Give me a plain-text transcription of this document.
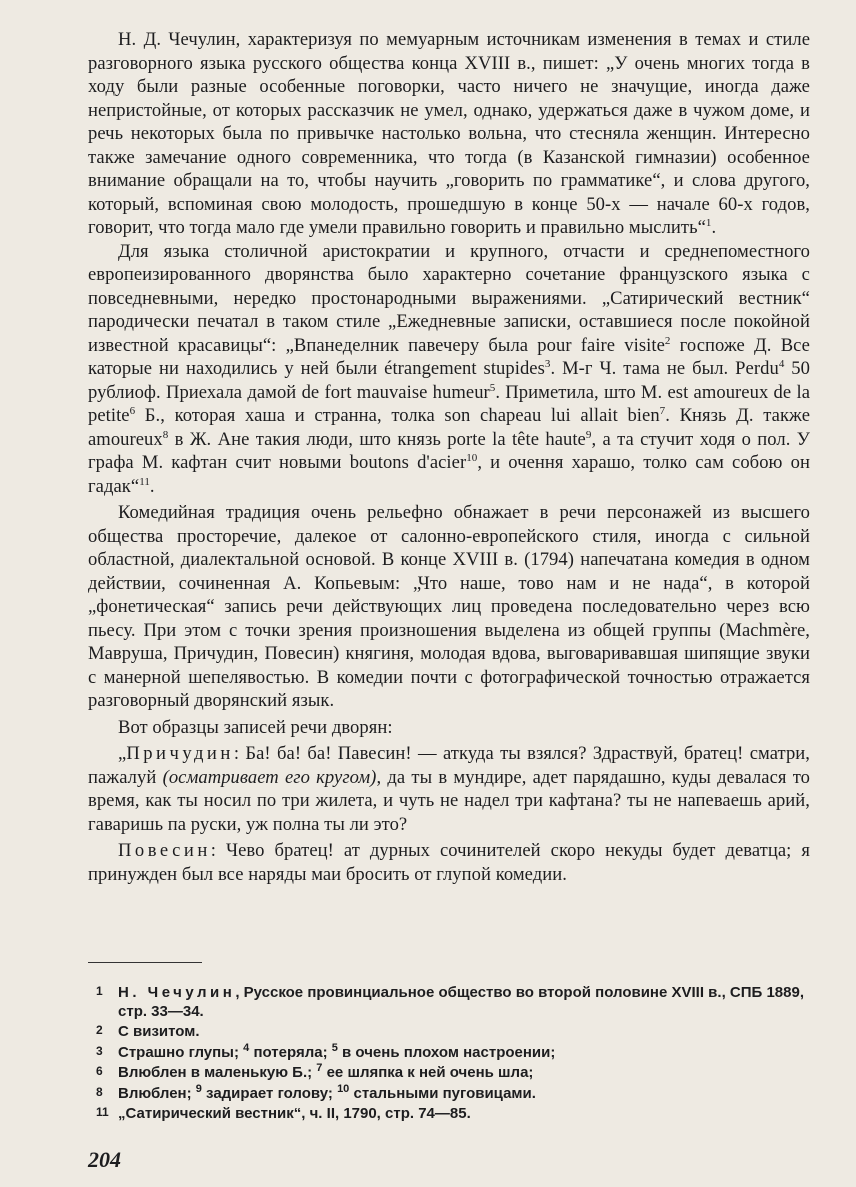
Н. Д. Чечулин, характеризуя по мемуарным источникам изменения в темах и стиле разговорного языка русского общества конца XVIII в., пишет: „У очень многих тогда в ходу были разные особенные поговорки, часто ничего не значущие, иногда даже непристойные, от которых рассказчик не умел, однако, удержаться даже в чужом доме, и речь некоторых была по привычке настолько вольна, что стесняла женщин. Интересно также замечание одного современника, что тогда (в Казанской гимназии) особенное внимание обращали на то, чтобы научить „говорить по грамматике“, и слова другого, который, вспоминая свою молодость, прошедшую в конце 50-х — начале 60-х годов, говорит, что тогда мало где умели правильно говорить и правильно мыслить“$^1$.

Для языка столичной аристократии и крупного, отчасти и среднепоместного европеизированного дворянства было характерно сочетание французского языка с повседневными, нередко простонародными выражениями. „Сатирический вестник“ пародически печатал в таком стиле „Ежедневные записки, оставшиеся после покойной известной красавицы“: „Впанеделник павечеру была pour faire visite$^2$ госпоже Д. Все каторые ни находились у ней были étrangement stupides$^3$. М-г Ч. тама не был. Perdu$^4$ 50 рублиоф. Приехала дамой de fort mauvaise humeur$^5$. Приметила, што М. est amoureux de la petite$^6$ Б., которая хаша и странна, толка son chapeau lui allait bien$^7$. Князь Д. также amoureux$^8$ в Ж. Ане такия люди, што князь porte la tête haute$^9$, а та стучит ходя о пол. У графа М. кафтан счит новыми boutons d'acier$^{10}$, и очення харашо, толко сам собою он гадак“$^{11}$.

Комедийная традиция очень рельефно обнажает в речи персонажей из высшего общества просторечие, далекое от салонно-европейского стиля, иногда с сильной областной, диалектальной основой. В конце XVIII в. (1794) напечатана комедия в одном действии, сочиненная А. Копьевым: „Что наше, тово нам и не нада“, в которой „фонетическая“ запись речи действующих лиц проведена последовательно через всю пьесу. При этом с точки зрения произношения выделена из общей группы (Machmère, Мавруша, Причудин, Повесин) княгиня, молодая вдова, выговаривавшая шипящие звуки с манерной шепелявостью. В комедии почти с фотографической точностью отражается разговорный дворянский язык.

Вот образцы записей речи дворян:

„Причудин: Ба! ба! ба! Павесин! — аткуда ты взялся? Здраствуй, братец! сматри, пажалуй (осматривает его кругом), да ты в мундире, адет парядашно, куды девалася то время, как ты носил по три жилета, и чуть не надел три кафтана? ты не напеваешь арий, гаваришь па руски, уж полна ты ли это?

Повесин: Чево братец! ат дурных сочинителей скоро некуды будет деватца; я принужден был все наряды маи бросить от глупой комедии.

1 Н. Чечулин, Русское провинциальное общество во второй половине XVIII в., СПБ 1889, стр. 33—34.
2 С визитом.
3 Страшно глупы; $^4$ потеряла; $^5$ в очень плохом настроении;
6 Влюблен в маленькую Б.; $^7$ ее шляпка к ней очень шла;
8 Влюблен; $^9$ задирает голову; $^{10}$ стальными пуговицами.
11 „Сатирический вестник“, ч. II, 1790, стр. 74—85.
204
